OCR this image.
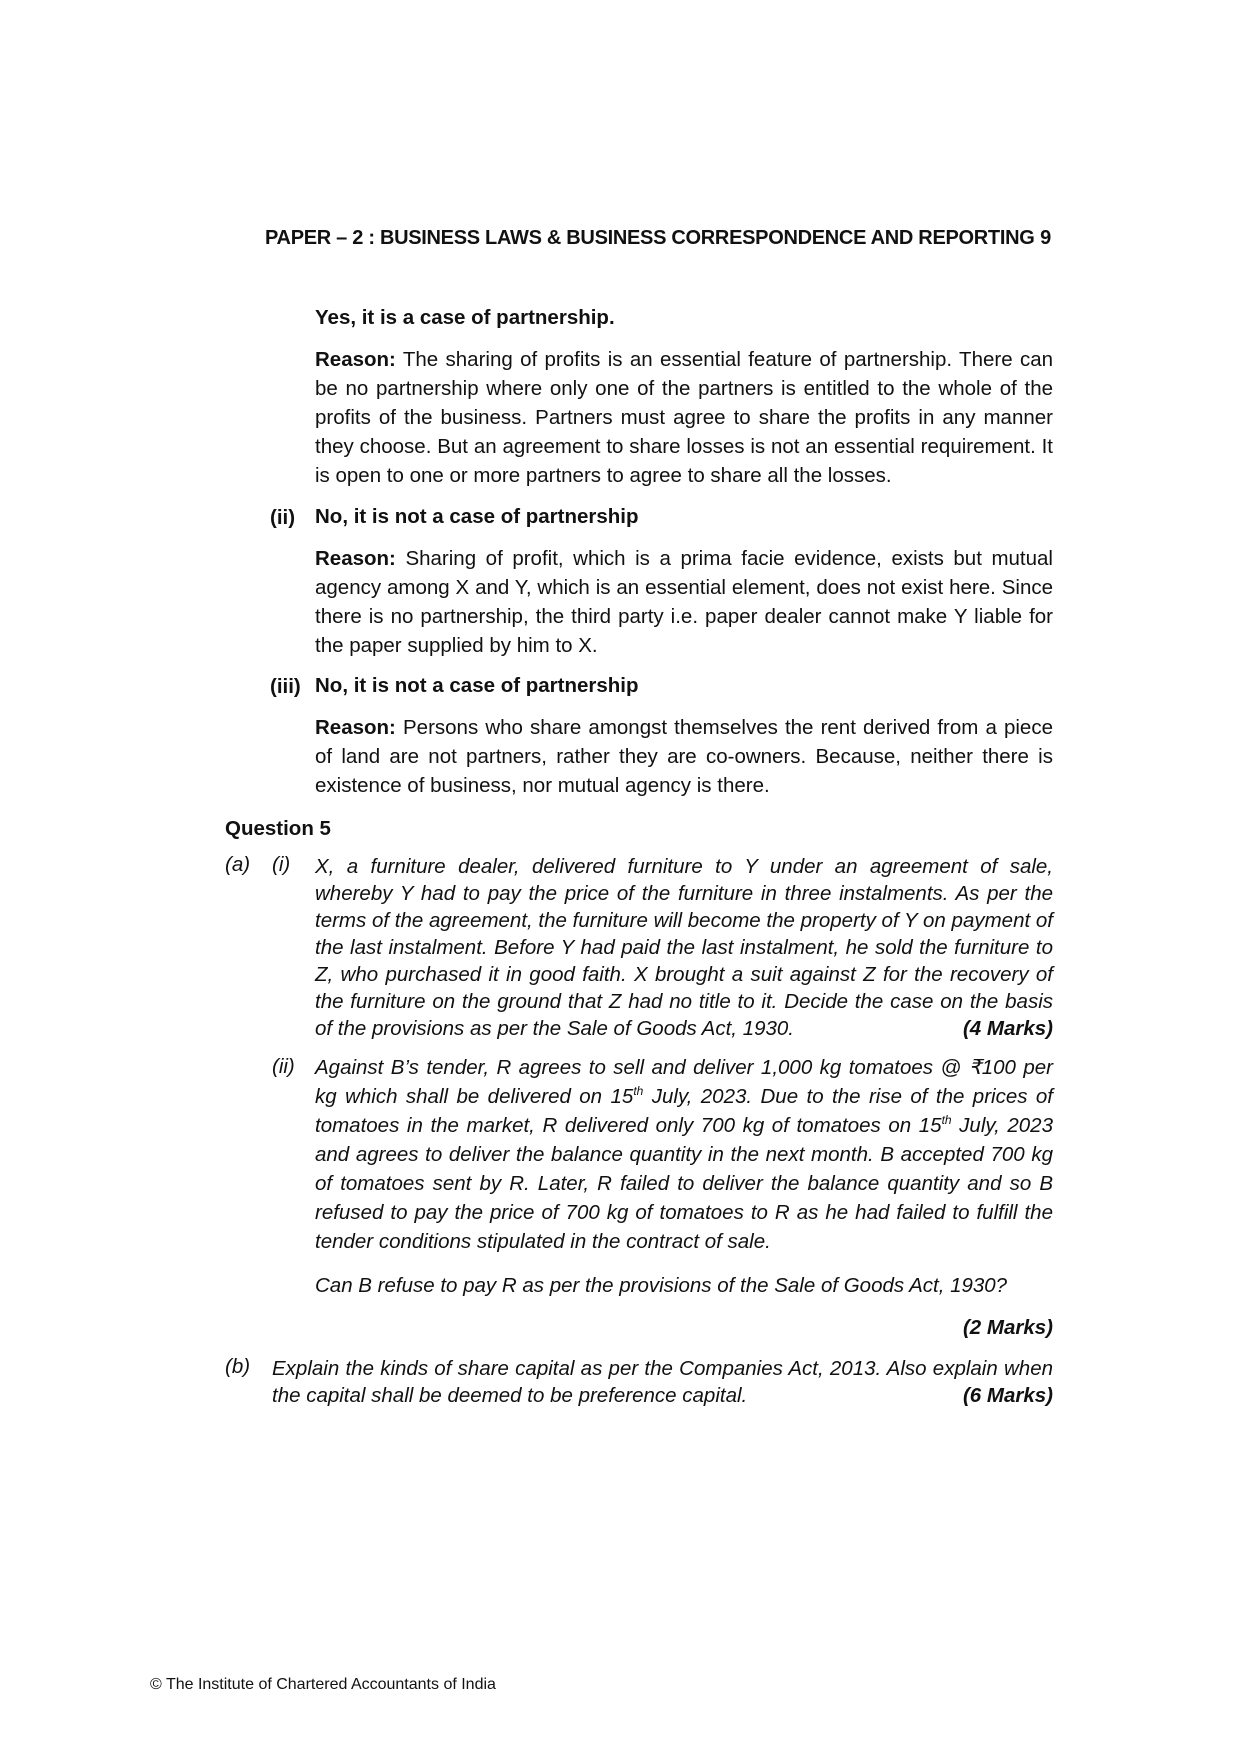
PAPER – 2 : BUSINESS LAWS & BUSINESS CORRESPONDENCE AND REPORTING 9
Yes, it is a case of partnership.

Reason: The sharing of profits is an essential feature of partnership. There can be no partnership where only one of the partners is entitled to the whole of the profits of the business. Partners must agree to share the profits in any manner they choose. But an agreement to share losses is not an essential requirement. It is open to one or more partners to agree to share all the losses.

(ii) No, it is not a case of partnership

Reason: Sharing of profit, which is a prima facie evidence, exists but mutual agency among X and Y, which is an essential element, does not exist here. Since there is no partnership, the third party i.e. paper dealer cannot make Y liable for the paper supplied by him to X.

(iii) No, it is not a case of partnership

Reason: Persons who share amongst themselves the rent derived from a piece of land are not partners, rather they are co-owners. Because, neither there is existence of business, nor mutual agency is there.

Question 5
(a) (i) X, a furniture dealer, delivered furniture to Y under an agreement of sale, whereby Y had to pay the price of the furniture in three instalments. As per the terms of the agreement, the furniture will become the property of Y on payment of the last instalment. Before Y had paid the last instalment, he sold the furniture to Z, who purchased it in good faith. X brought a suit against Z for the recovery of the furniture on the ground that Z had no title to it. Decide the case on the basis of the provisions as per the Sale of Goods Act, 1930.	(4 Marks)

(ii) Against B’s tender, R agrees to sell and deliver 1,000 kg tomatoes @ ₹100 per kg which shall be delivered on 15th July, 2023. Due to the rise of the prices of tomatoes in the market, R delivered only 700 kg of tomatoes on 15th July, 2023 and agrees to deliver the balance quantity in the next month. B accepted 700 kg of tomatoes sent by R. Later, R failed to deliver the balance quantity and so B refused to pay the price of 700 kg of tomatoes to R as he had failed to fulfill the tender conditions stipulated in the contract of sale.

Can B refuse to pay R as per the provisions of the Sale of Goods Act, 1930?

(2 Marks)
(b) Explain the kinds of share capital as per the Companies Act, 2013. Also explain when the capital shall be deemed to be preference capital.	(6 Marks)

© The Institute of Chartered Accountants of India
